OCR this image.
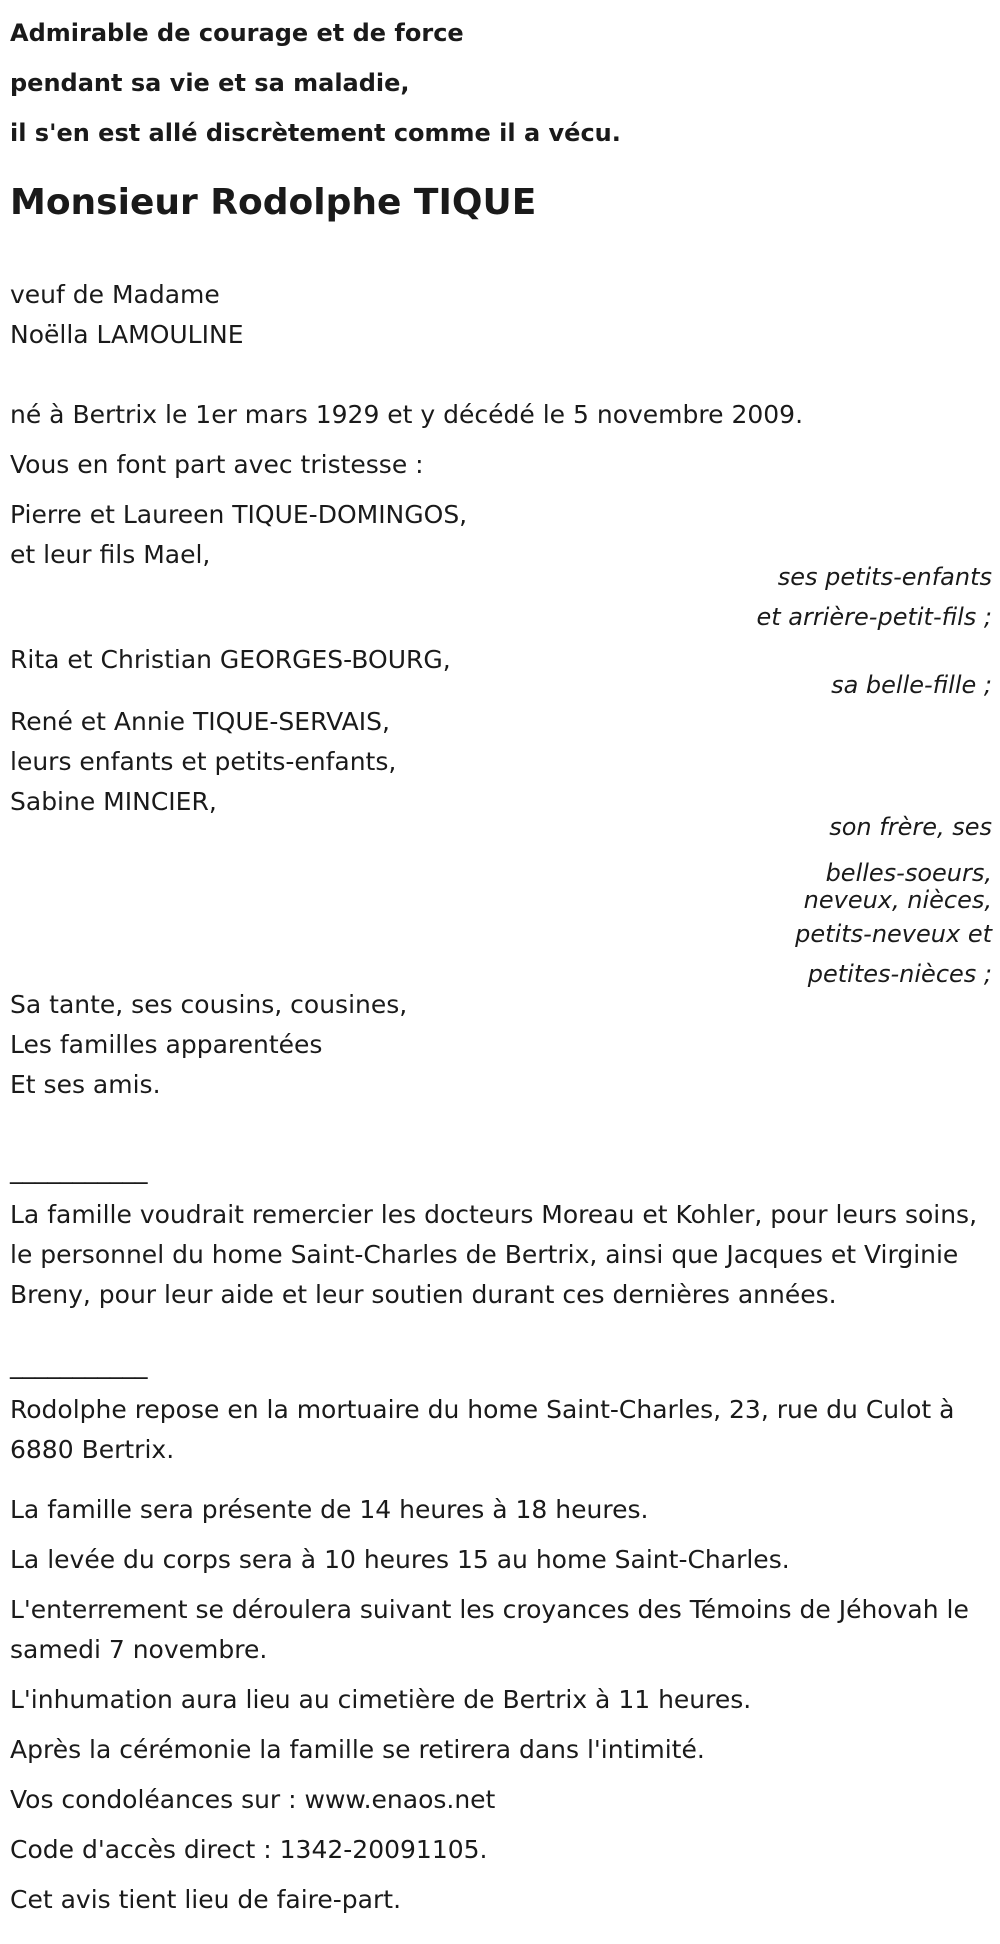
Admirable de courage et de force
pendant sa vie et sa maladie,
il s'en est allé discrètement comme il a vécu.
Monsieur Rodolphe TIQUE
veuf de Madame
Noëlla LAMOULINE
né à Bertrix le 1er mars 1929 et y décédé le 5 novembre 2009.
Vous en font part avec tristesse :
Pierre et Laureen TIQUE-DOMINGOS,
et leur fils Mael,
ses petits-enfants
et arrière-petit-fils ;
Rita et Christian GEORGES-BOURG,
sa belle-fille ;
René et Annie TIQUE-SERVAIS,
leurs enfants et petits-enfants,
Sabine MINCIER,
son frère, ses
belles-soeurs,
neveux, nièces,
petits-neveux et
petites-nièces ;
Sa tante, ses cousins, cousines,
Les familles apparentées
Et ses amis.
___________
La famille voudrait remercier les docteurs Moreau et Kohler, pour leurs soins, le personnel du home Saint-Charles de Bertrix, ainsi que Jacques et Virginie Breny, pour leur aide et leur soutien durant ces dernières années.
___________
Rodolphe repose en la mortuaire du home Saint-Charles, 23, rue du Culot à 6880 Bertrix.
La famille sera présente de 14 heures à 18 heures.
La levée du corps sera à 10 heures 15 au home Saint-Charles.
L'enterrement se déroulera suivant les croyances des Témoins de Jéhovah le samedi 7 novembre.
L'inhumation aura lieu au cimetière de Bertrix à 11 heures.
Après la cérémonie la famille se retirera dans l'intimité.
Vos condoléances sur : www.enaos.net
Code d'accès direct : 1342-20091105.
Cet avis tient lieu de faire-part.
